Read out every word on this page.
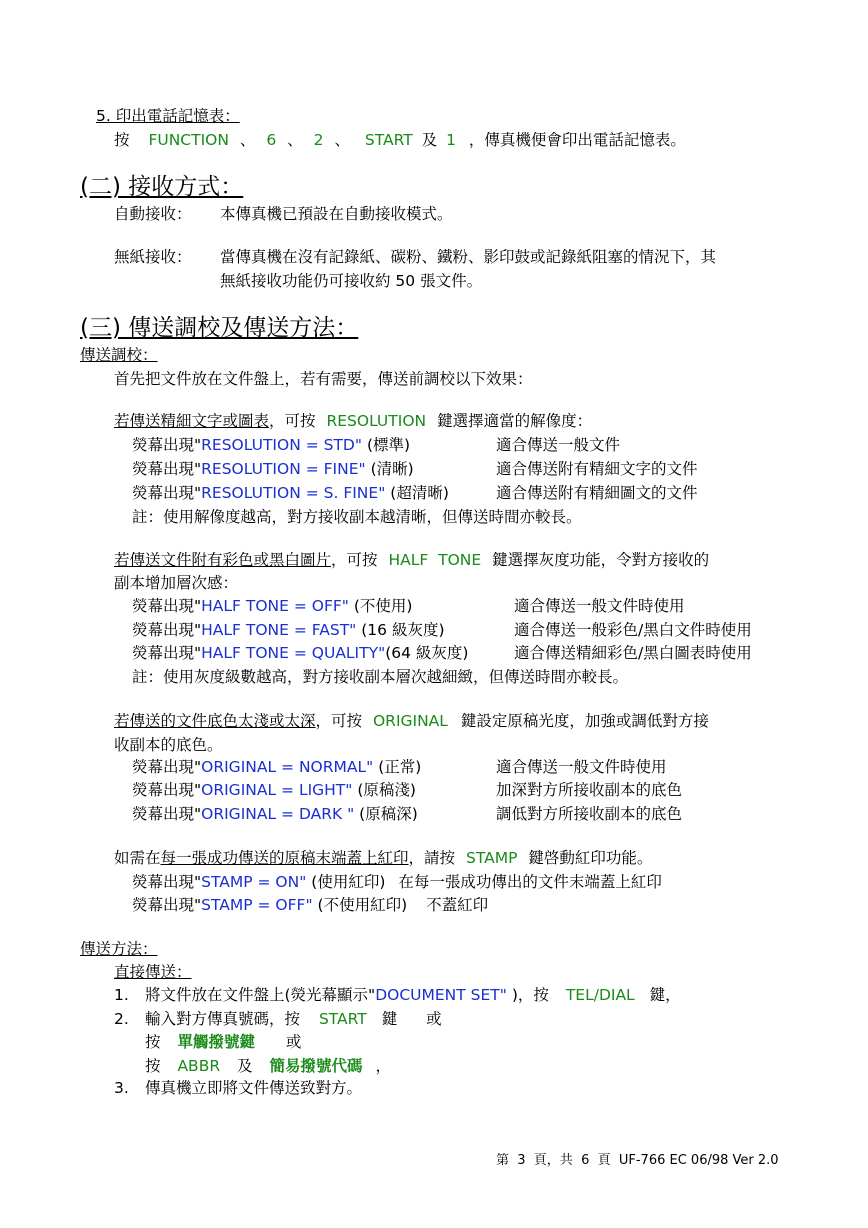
5. 印出電話記憶表：
按 FUNCTION 、 6 、 2 、 START 及 1 ，傳真機便會印出電話記憶表。
(二) 接收方式：
自動接收： 本傳真機已預設在自動接收模式。
無紙接收： 當傳真機在沒有記錄紙、碳粉、鐵粉、影印鼓或記錄紙阻塞的情況下，其
無紙接收功能仍可接收約 50 張文件。
(三) 傳送調校及傳送方法：
傳送調校：
首先把文件放在文件盤上，若有需要，傳送前調校以下效果：
若傳送精細文字或圖表，可按 RESOLUTION 鍵選擇適當的解像度：
熒幕出現"RESOLUTION = STD" (標準)	適合傳送一般文件
熒幕出現"RESOLUTION = FINE" (清晰)	適合傳送附有精細文字的文件
熒幕出現"RESOLUTION = S. FINE" (超清晰)	適合傳送附有精細圖文的文件
註：使用解像度越高，對方接收副本越清晰，但傳送時間亦較長。
若傳送文件附有彩色或黑白圖片，可按 HALF  TONE 鍵選擇灰度功能，令對方接收的
副本增加層次感：
熒幕出現"HALF TONE = OFF" (不使用)	適合傳送一般文件時使用
熒幕出現"HALF TONE = FAST" (16 級灰度)	適合傳送一般彩色/黑白文件時使用
熒幕出現"HALF TONE = QUALITY"(64 級灰度)	適合傳送精細彩色/黑白圖表時使用
註：使用灰度級數越高，對方接收副本層次越細緻，但傳送時間亦較長。
若傳送的文件底色太淺或太深，可按 ORIGINAL 鍵設定原稿光度，加強或調低對方接
收副本的底色。
熒幕出現"ORIGINAL = NORMAL" (正常)	適合傳送一般文件時使用
熒幕出現"ORIGINAL = LIGHT" (原稿淺)	加深對方所接收副本的底色
熒幕出現"ORIGINAL = DARK " (原稿深)	調低對方所接收副本的底色
如需在每一張成功傳送的原稿末端蓋上紅印，請按 STAMP 鍵啓動紅印功能。
熒幕出現"STAMP = ON" (使用紅印) 在每一張成功傳出的文件末端蓋上紅印
熒幕出現"STAMP = OFF" (不使用紅印) 不蓋紅印
傳送方法：
直接傳送：
1. 將文件放在文件盤上(熒光幕顯示"DOCUMENT SET" )，按 TEL/DIAL 鍵，
2. 輸入對方傳真號碼，按 START 鍵 或
按 單觸撥號鍵 或
按 ABBR 及 簡易撥號代碼 ，
3. 傳真機立即將文件傳送致對方。
第  3  頁，共  6  頁  UF-766 EC 06/98 Ver 2.0
